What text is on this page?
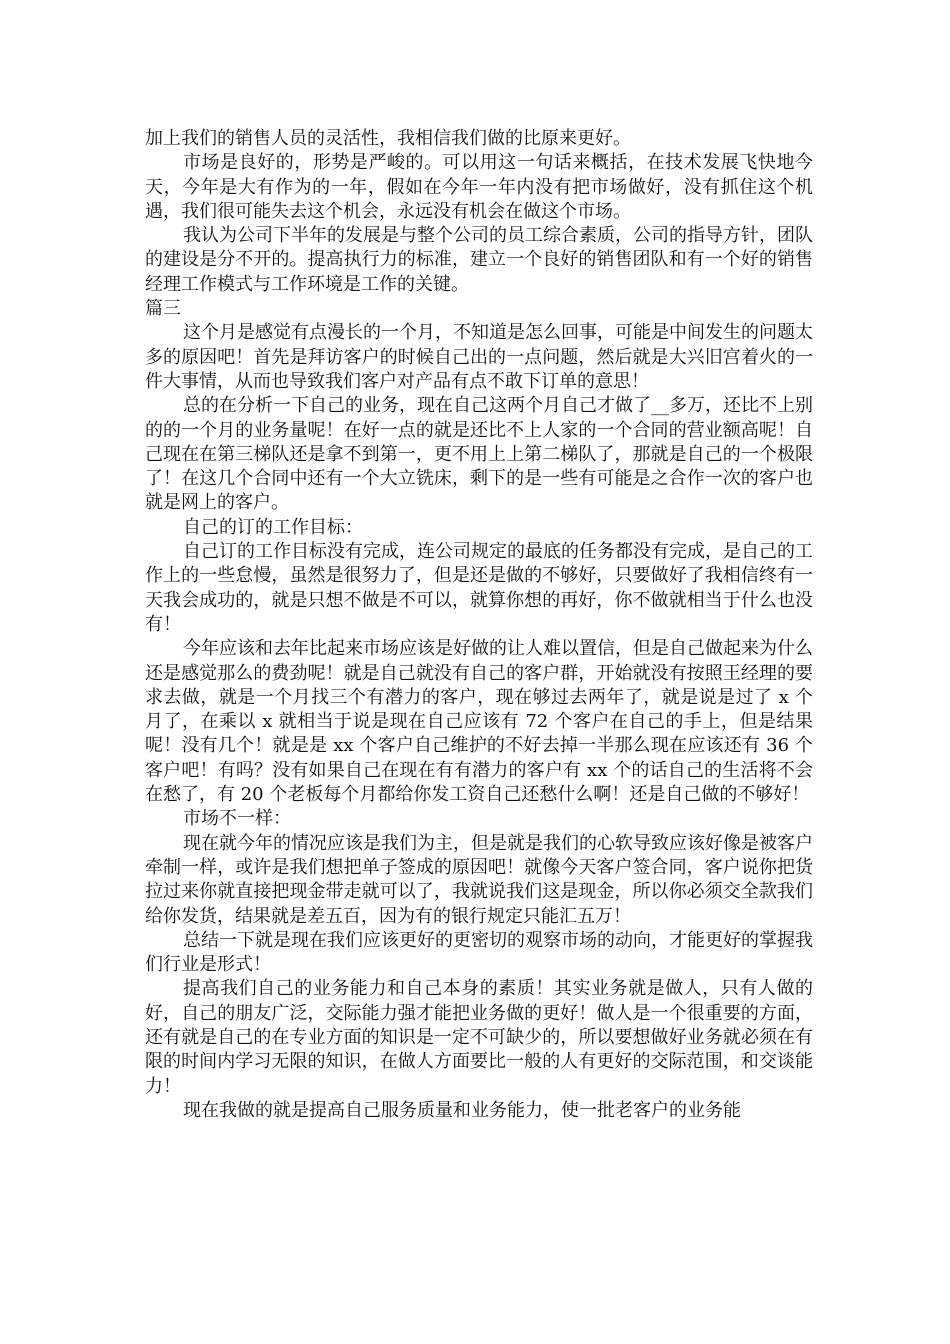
加上我们的销售人员的灵活性，我相信我们做的比原来更好。

市场是良好的，形势是严峻的。可以用这一句话来概括，在技术发展飞快地今天，今年是大有作为的一年，假如在今年一年内没有把市场做好，没有抓住这个机遇，我们很可能失去这个机会，永远没有机会在做这个市场。

我认为公司下半年的发展是与整个公司的员工综合素质，公司的指导方针，团队的建设是分不开的。提高执行力的标准，建立一个良好的销售团队和有一个好的销售经理工作模式与工作环境是工作的关键。

篇三

这个月是感觉有点漫长的一个月，不知道是怎么回事，可能是中间发生的问题太多的原因吧！首先是拜访客户的时候自己出的一点问题，然后就是大兴旧宫着火的一件大事情，从而也导致我们客户对产品有点不敢下订单的意思！

总的在分析一下自己的业务，现在自己这两个月自己才做了__多万，还比不上别的的一个月的业务量呢！在好一点的就是还比不上人家的一个合同的营业额高呢！自己现在在第三梯队还是拿不到第一，更不用上上第二梯队了，那就是自己的一个极限了！在这几个合同中还有一个大立铣床，剩下的是一些有可能是之合作一次的客户也就是网上的客户。

自己的订的工作目标：

自己订的工作目标没有完成，连公司规定的最底的任务都没有完成，是自己的工作上的一些怠慢，虽然是很努力了，但是还是做的不够好，只要做好了我相信终有一天我会成功的，就是只想不做是不可以，就算你想的再好，你不做就相当于什么也没有！

今年应该和去年比起来市场应该是好做的让人难以置信，但是自己做起来为什么还是感觉那么的费劲呢！就是自己就没有自己的客户群，开始就没有按照王经理的要求去做，就是一个月找三个有潜力的客户，现在够过去两年了，就是说是过了 x 个月了，在乘以 x 就相当于说是现在自己应该有 72 个客户在自己的手上，但是结果呢！没有几个！就是是 xx 个客户自己维护的不好去掉一半那么现在应该还有 36 个客户吧！有吗？没有如果自己在现在有有潜力的客户有 xx 个的话自己的生活将不会在愁了，有 20 个老板每个月都给你发工资自己还愁什么啊！还是自己做的不够好！

市场不一样：

现在就今年的情况应该是我们为主，但是就是我们的心软导致应该好像是被客户牵制一样，或许是我们想把单子签成的原因吧！就像今天客户签合同，客户说你把货拉过来你就直接把现金带走就可以了，我就说我们这是现金，所以你必须交全款我们给你发货，结果就是差五百，因为有的银行规定只能汇五万！

总结一下就是现在我们应该更好的更密切的观察市场的动向，才能更好的掌握我们行业是形式！

提高我们自己的业务能力和自己本身的素质！其实业务就是做人，只有人做的好，自己的朋友广泛，交际能力强才能把业务做的更好！做人是一个很重要的方面，还有就是自己的在专业方面的知识是一定不可缺少的，所以要想做好业务就必须在有限的时间内学习无限的知识，在做人方面要比一般的人有更好的交际范围，和交谈能力！

现在我做的就是提高自己服务质量和业务能力，使一批老客户的业务能
